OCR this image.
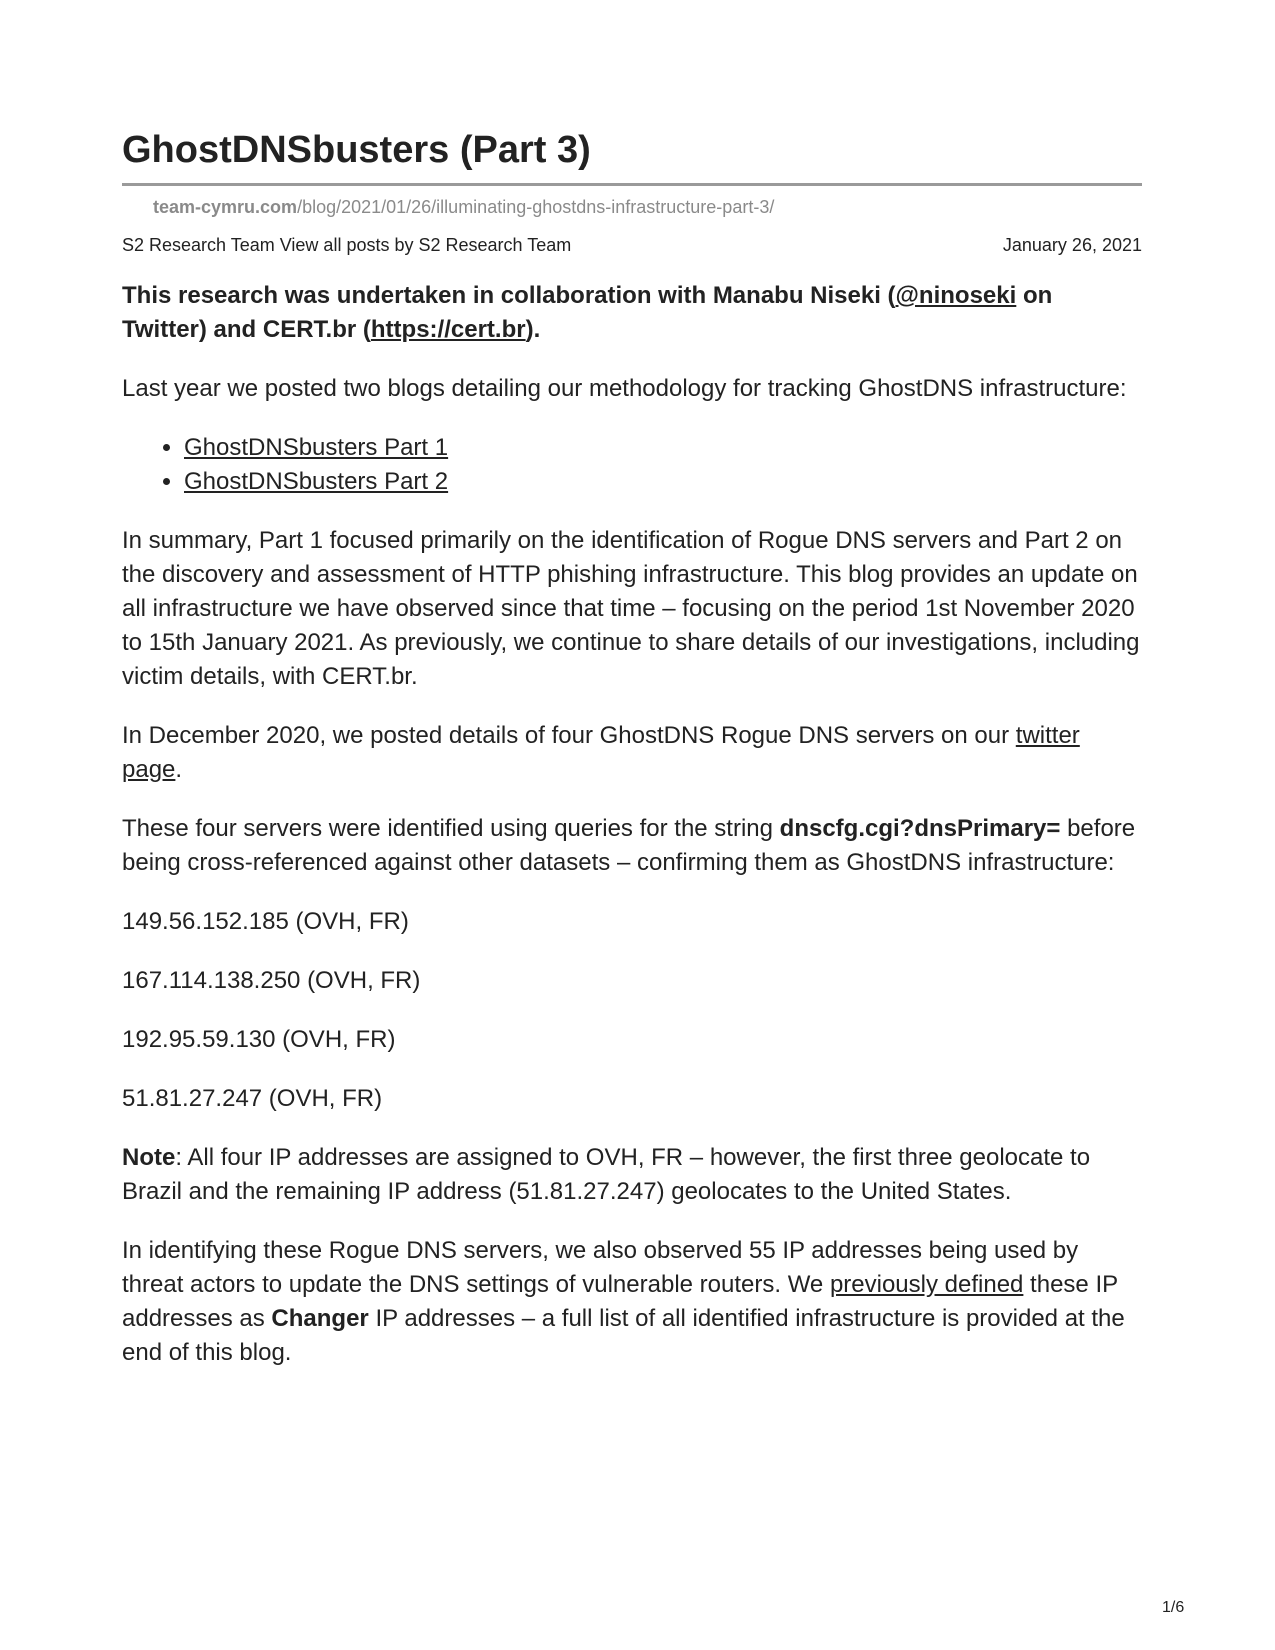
GhostDNSbusters (Part 3)
team-cymru.com/blog/2021/01/26/illuminating-ghostdns-infrastructure-part-3/
S2 Research Team View all posts by S2 Research Team	January 26, 2021

This research was undertaken in collaboration with Manabu Niseki (@ninoseki on Twitter) and CERT.br (https://cert.br).

Last year we posted two blogs detailing our methodology for tracking GhostDNS infrastructure:

• GhostDNSbusters Part 1
• GhostDNSbusters Part 2

In summary, Part 1 focused primarily on the identification of Rogue DNS servers and Part 2 on the discovery and assessment of HTTP phishing infrastructure. This blog provides an update on all infrastructure we have observed since that time – focusing on the period 1st November 2020 to 15th January 2021. As previously, we continue to share details of our investigations, including victim details, with CERT.br.

In December 2020, we posted details of four GhostDNS Rogue DNS servers on our twitter page.

These four servers were identified using queries for the string dnscfg.cgi?dnsPrimary= before being cross-referenced against other datasets – confirming them as GhostDNS infrastructure:

149.56.152.185 (OVH, FR)

167.114.138.250 (OVH, FR)

192.95.59.130 (OVH, FR)

51.81.27.247 (OVH, FR)

Note: All four IP addresses are assigned to OVH, FR – however, the first three geolocate to Brazil and the remaining IP address (51.81.27.247) geolocates to the United States.

In identifying these Rogue DNS servers, we also observed 55 IP addresses being used by threat actors to update the DNS settings of vulnerable routers. We previously defined these IP addresses as Changer IP addresses – a full list of all identified infrastructure is provided at the end of this blog.

1/6
